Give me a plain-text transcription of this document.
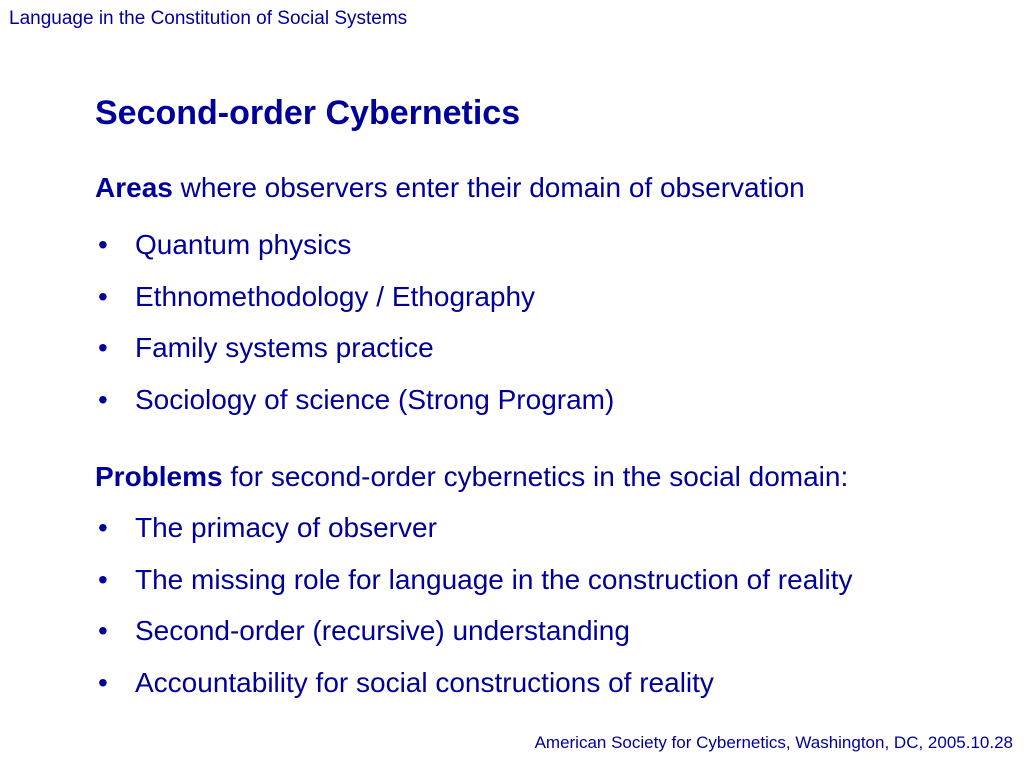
Language in the Constitution of Social Systems
Second-order Cybernetics
Areas where observers enter their domain of observation
• Quantum physics
• Ethnomethodology / Ethography
• Family systems practice
• Sociology of science (Strong Program)
Problems for second-order cybernetics in the social domain:
• The primacy of observer
• The missing role for language in the construction of reality
• Second-order (recursive) understanding
• Accountability for social constructions of reality
American Society for Cybernetics, Washington, DC, 2005.10.28
